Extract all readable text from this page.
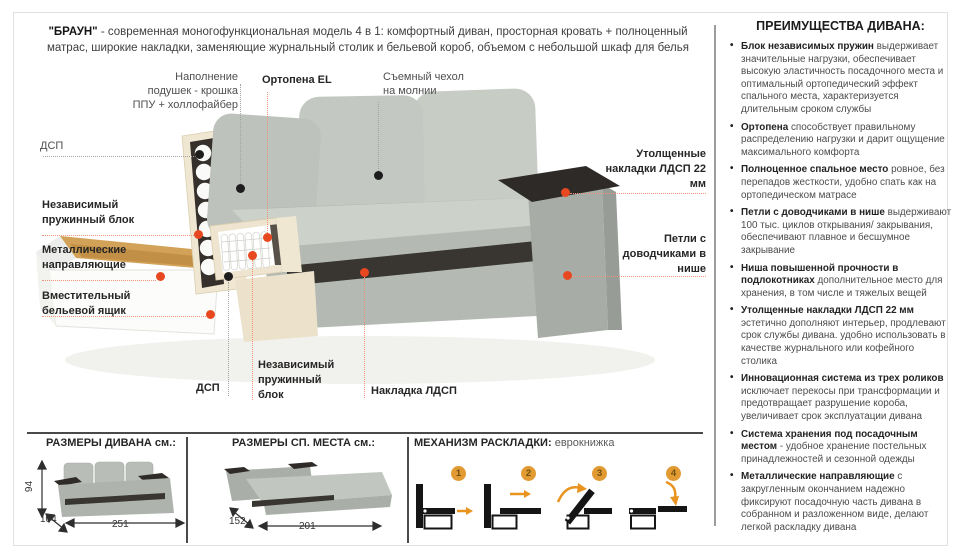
"БРАУН" - современная моногофункциональная модель 4 в 1: комфортный диван, просторная кровать + полноценный матрас, широкие накладки, заменяющие журнальный столик и бельевой короб, объемом с небольшой шкаф для белья
Наполнение подушек - крошка ППУ + холлофайбер
Ортопена EL	Съемный чехол на молнии
ДСП
Независимый пружинный блок
Металлические направляющие
Вместительный бельевой ящик
Утолщенные накладки ЛДСП 22 мм
Петли с доводчиками в нише
ДСП
Независимый пружинный блок	Накладка ЛДСП
ПРЕИМУЩЕСТВА ДИВАНА:
• Блок независимых пружин выдерживает значительные нагрузки, обеспечивает высокую эластичность посадочного места и оптимальный ортопедический эффект спального места, характеризуется длительным сроком службы
• Ортопена способствует правильному распределению нагрузки и дарит ощущение максимального комфорта
• Полноценное спальное место ровное, без перепадов жесткости, удобно спать как на ортопедическом матрасе
• Петли с доводчиками в нише выдерживают 100 тыс. циклов открывания/ закрывания, обеспечивают плавное и бесшумное закрывание
• Ниша повышенной прочности в подлокотниках дополнительное место для хранения, в том числе и тяжелых вещей
• Утолщенные накладки ЛДСП 22 мм эстетично дополняют интерьер, продлевают срок службы дивана. удобно использовать в качестве журнального или кофейного столика
• Инновационная система из трех роликов исключает перекосы при трансформации и предотвращает разрушение короба, увеличивает срок эксплуатации дивана
• Система хранения под посадочным местом - удобное хранение постельных принадлежностей и сезонной одежды
• Металлические направляющие с закругленным окончанием надежно фиксируют посадочную часть дивана в собранном и разложенном виде, делают легкой раскладку дивана
РАЗМЕРЫ ДИВАНА см.:
94
104	251
РАЗМЕРЫ СП. МЕСТА см.:
152	201
МЕХАНИЗМ РАСКЛАДКИ: еврокнижка
1	2	3	4
